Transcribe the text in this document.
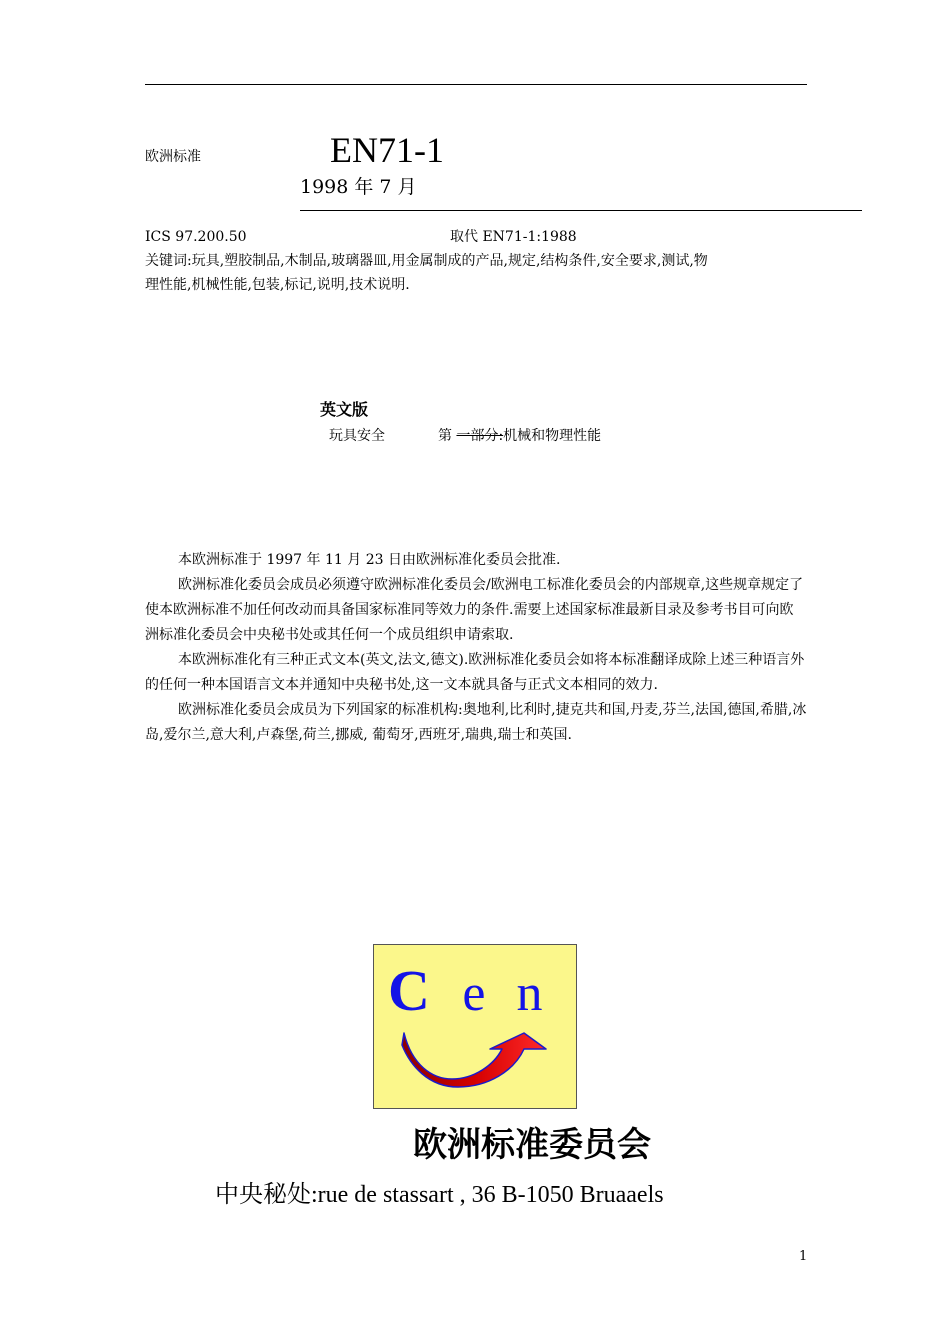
欧洲标准	EN71-1
1998 年 7 月
ICS 97.200.50	取代 EN71-1:1988
关键词:玩具,塑胶制品,木制品,玻璃器皿,用金属制成的产品,规定,结构条件,安全要求,测试,物
理性能,机械性能,包装,标记,说明,技术说明.
英文版
玩具安全	第 一部分:机械和物理性能

本欧洲标准于 1997 年 11 月 23 日由欧洲标准化委员会批准.

欧洲标准化委员会成员必须遵守欧洲标准化委员会/欧洲电工标准化委员会的内部规章,这些规章规定了使本欧洲标准不加任何改动而具备国家标准同等效力的条件.需要上述国家标准最新目录及参考书目可向欧洲标准化委员会中央秘书处或其任何一个成员组织申请索取.

本欧洲标准化有三种正式文本(英文,法文,德文).欧洲标准化委员会如将本标准翻译成除上述三种语言外的任何一种本国语言文本并通知中央秘书处,这一文本就具备与正式文本相同的效力.

欧洲标准化委员会成员为下列国家的标准机构:奥地利,比利时,捷克共和国,丹麦,芬兰,法国,德国,希腊,冰岛,爱尔兰,意大利,卢森堡,荷兰,挪威, 葡萄牙,西班牙,瑞典,瑞士和英国.

C e n
欧洲标准委员会
中央秘处:rue de stassart , 36 B-1050 Bruaaels
1
